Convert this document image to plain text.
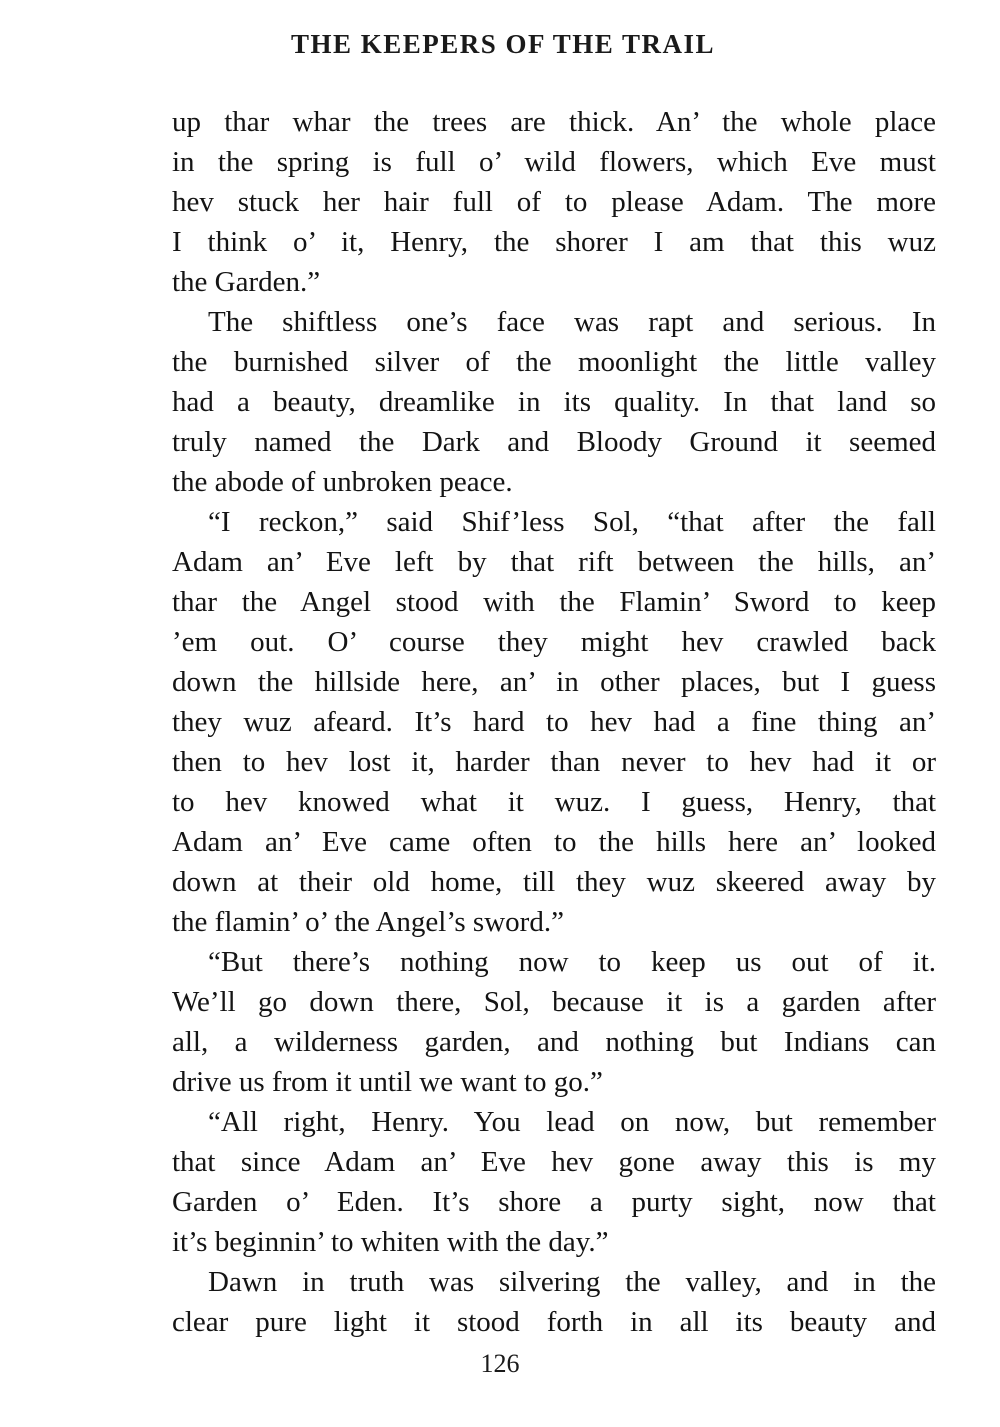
THE KEEPERS OF THE TRAIL
up thar whar the trees are thick. An’ the whole place
in the spring is full o’ wild flowers, which Eve must
hev stuck her hair full of to please Adam. The more
I think o’ it, Henry, the shorer I am that this wuz
the Garden.”
The shiftless one’s face was rapt and serious. In
the burnished silver of the moonlight the little valley
had a beauty, dreamlike in its quality. In that land so
truly named the Dark and Bloody Ground it seemed
the abode of unbroken peace.
“I reckon,” said Shif’less Sol, “that after the fall
Adam an’ Eve left by that rift between the hills, an’
thar the Angel stood with the Flamin’ Sword to keep
’em out. O’ course they might hev crawled back
down the hillside here, an’ in other places, but I guess
they wuz afeard. It’s hard to hev had a fine thing an’
then to hev lost it, harder than never to hev had it or
to hev knowed what it wuz. I guess, Henry, that
Adam an’ Eve came often to the hills here an’ looked
down at their old home, till they wuz skeered away by
the flamin’ o’ the Angel’s sword.”
“But there’s nothing now to keep us out of it.
We’ll go down there, Sol, because it is a garden after
all, a wilderness garden, and nothing but Indians can
drive us from it until we want to go.”
“All right, Henry. You lead on now, but remember
that since Adam an’ Eve hev gone away this is my
Garden o’ Eden. It’s shore a purty sight, now that
it’s beginnin’ to whiten with the day.”
Dawn in truth was silvering the valley, and in the
clear pure light it stood forth in all its beauty and
126
